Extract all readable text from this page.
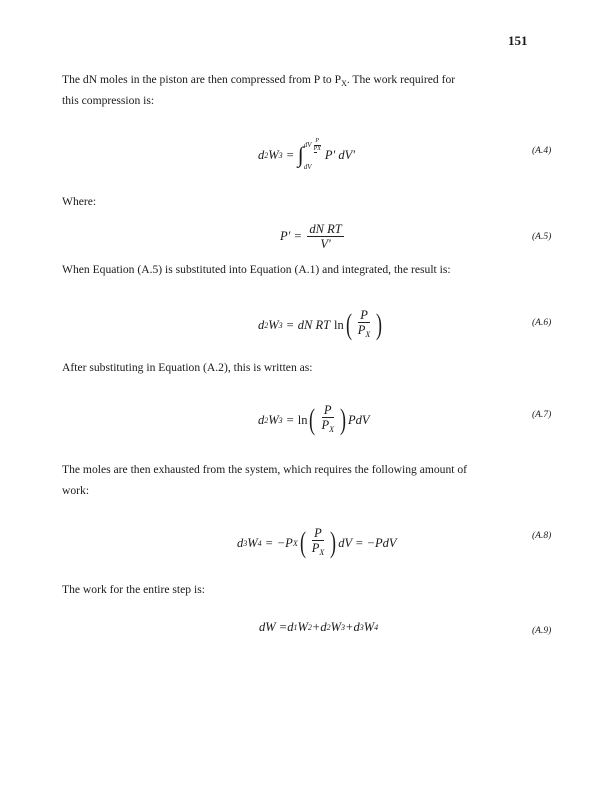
151
The dN moles in the piston are then compressed from P to $P_X$. The work required for
this compression is:
d 2 W 3 = ∫ dV P
PX
dV
P' dV'	(A.4)
Where:
$P' = \frac{\text{dN RT}}{V'}$	(A.5)
When Equation (A.5) is substituted into Equation (A.1) and integrated, the result is:
d 2 W 3 = dN RT ln ( $\frac{P}{P_X}$ )	(A.6)
After substituting in Equation (A.2), this is written as:
d 2 W 3 = ln ( $\frac{P}{P_X}$ ) PdV	(A.7)
The moles are then exhausted from the system, which requires the following amount of
work:
d 3 W 4 = −P X ( $\frac{P}{P_X}$ ) dV = −PdV	(A.8)
The work for the entire step is:
dW = d 1 W 2 +d 2 W 3 +d 3 W 4	(A.9)
